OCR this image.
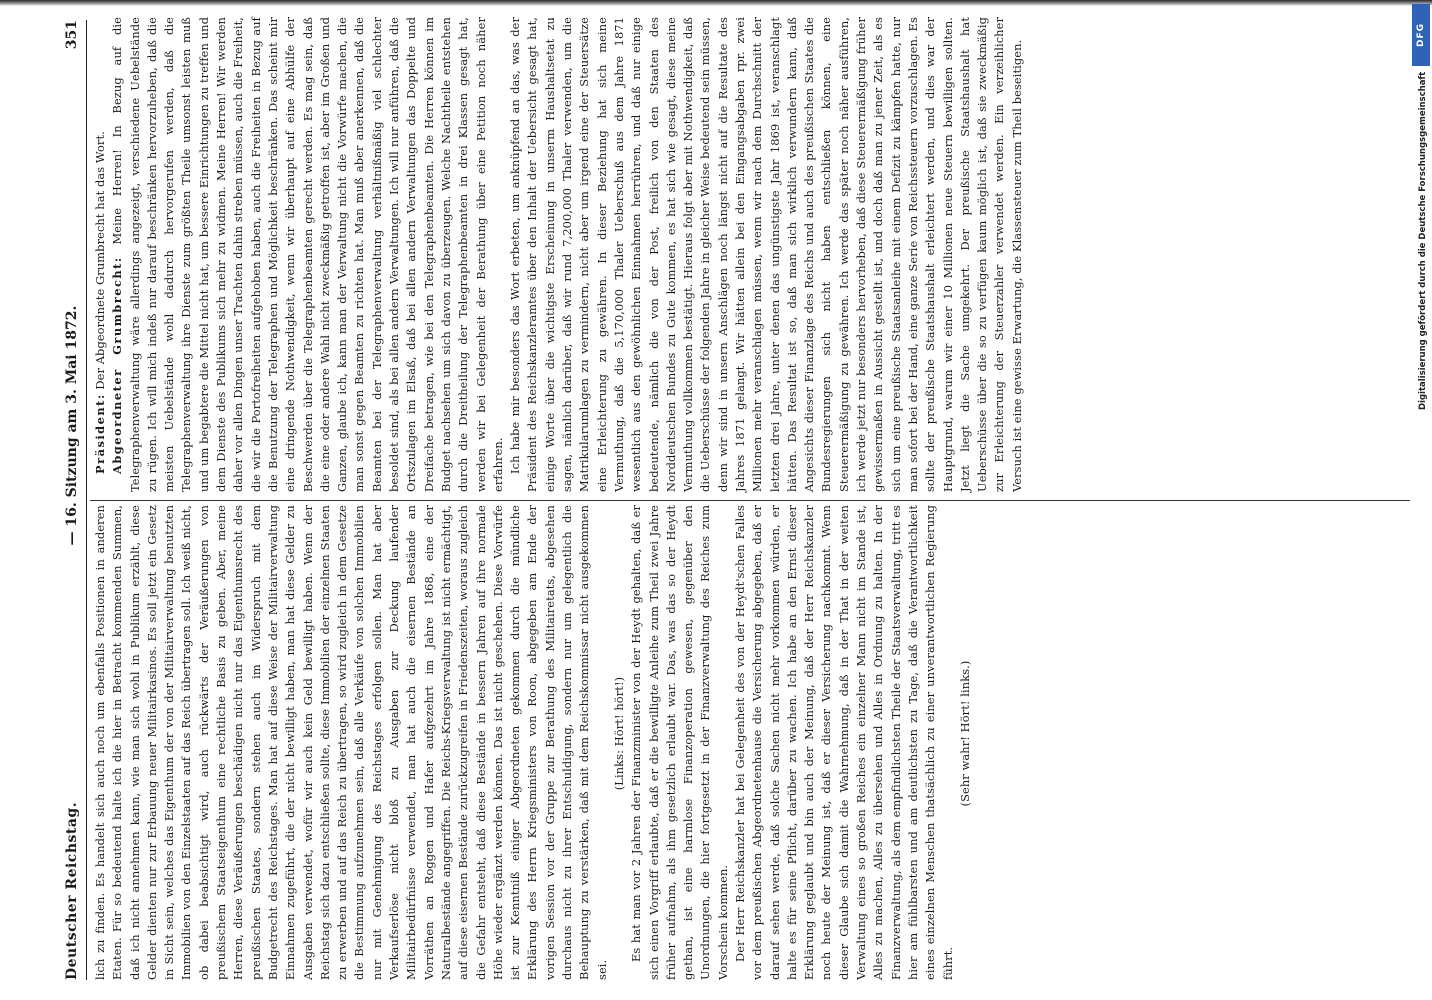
Deutscher Reichstag.
— 16. Sitzung am 3. Mai 1872.
351

lich zu finden. Es handelt sich auch noch um ebenfalls Positionen in anderen Etaten. Für so bedeutend halte ich die hier in Betracht kommenden Summen, daß ich nicht annehmen kann, wie man sich wohl in Publikum erzählt, diese Gelder dienten nur zur Erbauung neuer Militairkasinos. Es soll jetzt ein Gesetz in Sicht sein, welches das Eigenthum der von der Militairverwaltung benutzten Immobilien von den Einzelstaaten auf das Reich übertragen soll. Ich weiß nicht, ob dabei beabsichtigt wird, auch rückwärts der Veräußerungen von preußischem Staatseigenthum eine rechtliche Basis zu geben. Aber, meine Herren, diese Veräußerungen beschädigen nicht nur das Eigenthumsrecht des preußischen Staates, sondern stehen auch im Widerspruch mit dem Budgetrecht des Reichstages. Man hat auf diese Weise der Militairverwaltung Einnahmen zugeführt, die der nicht bewilligt haben, man hat diese Gelder zu Ausgaben verwendet, wofür wir auch kein Geld bewilligt haben. Wenn der Reichstag sich dazu entschließen sollte, diese Immobilien der einzelnen Staaten zu erwerben und auf das Reich zu übertragen, so wird zugleich in dem Gesetze die Bestimmung aufzunehmen sein, daß alle Verkäufe von solchen Immobilien nur mit Genehmigung des Reichstages erfolgen sollen. Man hat aber Verkaufserlöse nicht bloß zu Ausgaben zur Deckung laufender Militairbedürfnisse verwendet, man hat auch die eisernen Bestände an Vorräthen an Roggen und Hafer aufgezehrt im Jahre 1868, eine der Naturalbestände angegriffen. Die Reichs-Kriegsverwaltung ist nicht ermächtigt, auf diese eisernen Bestände zurückzugreifen in Friedenszeiten, woraus zugleich die Gefahr entsteht, daß diese Bestände in bessern Jahren auf ihre normale Höhe wieder ergänzt werden können. Das ist nicht geschehen. Diese Vorwürfe ist zur Kenntniß einiger Abgeordneten gekommen durch die mündliche Erklärung des Herrn Kriegsministers von Roon, abgegeben am Ende der vorigen Session vor der Gruppe zur Berathung des Militairetats, abgesehen durchaus nicht zu ihrer Entschuldigung, sondern nur um gelegentlich die Behauptung zu verstärken, daß mit dem Reichskommissar nicht ausgekommen sei.

(Links: Hört! hört!) Es hat man vor 2 Jahren der Finanzminister von der Heydt gehalten, daß er sich einen Vorgriff erlaubte, daß er die bewilligte Anleihe zum Theil zwei Jahre früher aufnahm, als ihm gesetzlich erlaubt war. Das, was das so der Heydt gethan, ist eine harmlose Finanzoperation gewesen, gegenüber den Unordnungen, die hier fortgesetzt in der Finanzverwaltung des Reiches zum Vorschein kommen. Der Herr Reichskanzler hat bei Gelegenheit des von der Heydt'schen Falles vor dem preußischen Abgeordnetenhause die Versicherung abgegeben, daß er darauf sehen werde, daß solche Sachen nicht mehr vorkommen würden, er halte es für seine Pflicht, darüber zu wachen. Ich habe an den Ernst dieser Erklärung geglaubt und bin auch der Meinung, daß der Herr Reichskanzler noch heute der Meinung ist, daß er dieser Versicherung nachkommt. Wenn dieser Glaube sich damit die Wahrnehmung, daß in der That in der weiten Verwaltung eines so großen Reiches ein einzelner Mann nicht im Stande ist, Alles zu machen, Alles zu übersehen und Alles in Ordnung zu halten. In der Finanzverwaltung, als dem empfindlichsten Theile der Staatsverwaltung, tritt es hier am fühlbarsten und am deutlichsten zu Tage, daß die Verantwortlichkeit eines einzelnen Menschen thatsächlich zu einer unverantwortlichen Regierung führt.

(Sehr wahr! Hört! links.)

Präsident: Der Abgeordnete Grumbrecht hat das Wort. Abgeordneter Grumbrecht: Meine Herren! In Bezug auf die Telegraphenverwaltung wäre allerdings angezeigt, verschiedene Uebelstände zu rügen. Ich will mich indeß nur darauf beschränken hervorzuheben, daß die meisten Uebelstände wohl dadurch hervorgerufen werden, daß die Telegraphenverwaltung ihre Dienste zum größten Theile umsonst leisten muß und um begabtere die Mittel nicht hat, um bessere Einrichtungen zu treffen und dem Dienste des Publikums sich mehr zu widmen. Meine Herren! Wir werden daher vor allen Dingen unser Trachten dahin streben müssen, auch die Freiheit, die wir die Portofreiheiten aufgehoben haben, auch die Freiheiten in Bezug auf die Benutzung der Telegraphen und Möglichkeit beschränken. Das scheint mir eine dringende Nothwendigkeit, wenn wir überhaupt auf eine Abhülfe der Beschwerden über die Telegraphenbeamten gerecht werden. Es mag sein, daß die eine oder andere Wahl nicht zweckmäßig getroffen ist, aber im Großen und Ganzen, glaube ich, kann man der Verwaltung nicht die Vorwürfe machen, die man sonst gegen Beamten zu richten hat. Man muß aber anerkennen, daß die Beamten bei der Telegraphenverwaltung verhältnißmäßig viel schlechter besoldet sind, als bei allen andern Verwaltungen. Ich will nur anführen, daß die Ortszulagen im Elsaß, daß bei allen andern Verwaltungen das Doppelte und Dreifache betragen, wie bei den Telegraphenbeamten. Die Herren können im Budget nachsehen um sich davon zu überzeugen. Welche Nachtheile entstehen durch die Dreitheilung der Telegraphenbeamten in drei Klassen gesagt hat, werden wir bei Gelegenheit der Berathung über eine Petition noch näher erfahren. Ich habe mir besonders das Wort erbeten, um anknüpfend an das, was der Präsident des Reichskanzleramtes über den Inhalt der Uebersicht gesagt hat, einige Worte über die wichtigste Erscheinung in unserm Haushaltsetat zu sagen, nämlich darüber, daß wir rund 7,200,000 Thaler verwenden, um die Matrikularumlagen zu vermindern, nicht aber um irgend eine der Steuersätze eine Erleichterung zu gewähren. In dieser Beziehung hat sich meine Vermuthung, daß die 5,170,000 Thaler Ueberschuß aus dem Jahre 1871 wesentlich aus den gewöhnlichen Einnahmen herrühren, und daß nur einige bedeutende, nämlich die von der Post, freilich von den Staaten des Norddeutschen Bundes zu Gute kommen, es hat sich wie gesagt, diese meine Vermuthung vollkommen bestätigt. Hieraus folgt aber mit Nothwendigkeit, daß die Ueberschüsse der folgenden Jahre in gleicher Weise bedeutend sein müssen, denn wir sind in unsern Anschlägen noch längst nicht auf die Resultate des Jahres 1871 gelangt. Wir hätten allein bei den Eingangsabgaben rpr. zwei Millionen mehr veranschlagen müssen, wenn wir nach dem Durchschnitt der letzten drei Jahre, unter denen das ungünstigste Jahr 1869 ist, veranschlagt hätten. Das Resultat ist so, daß man sich wirklich verwundern kann, daß Angesichts dieser Finanzlage des Reichs und auch des preußischen Staates die Bundesregierungen sich nicht haben entschließen können, eine Steuerermäßigung zu gewähren. Ich werde das später noch näher ausführen, ich werde jetzt nur besonders hervorheben, daß diese Steuerermäßigung früher gewissermaßen in Aussicht gestellt ist, und doch daß man zu jener Zeit, als es sich um eine preußische Staatsanleihe mit einem Defizit zu kämpfen hatte, nur man sofort bei der Hand, eine ganze Serie von Reichssteuern vorzuschlagen. Es sollte der preußische Staatshaushalt erleichtert werden, und dies war der Hauptgrund, warum wir einer 10 Millionen neue Steuern bewilligen sollten. Jetzt liegt die Sache umgekehrt. Der preußische Staatshaushalt hat Ueberschüsse über die so zu verfügen kaum möglich ist, daß sie zweckmäßig zur Erleichterung der Steuerzahler verwendet werden. Ein verzeihlicher Versuch ist eine gewisse Erwartung, die Klassensteuer zum Theil beseitigen.

DFG
Digitalisierung gefördert durch die Deutsche Forschungsgemeinschaft
